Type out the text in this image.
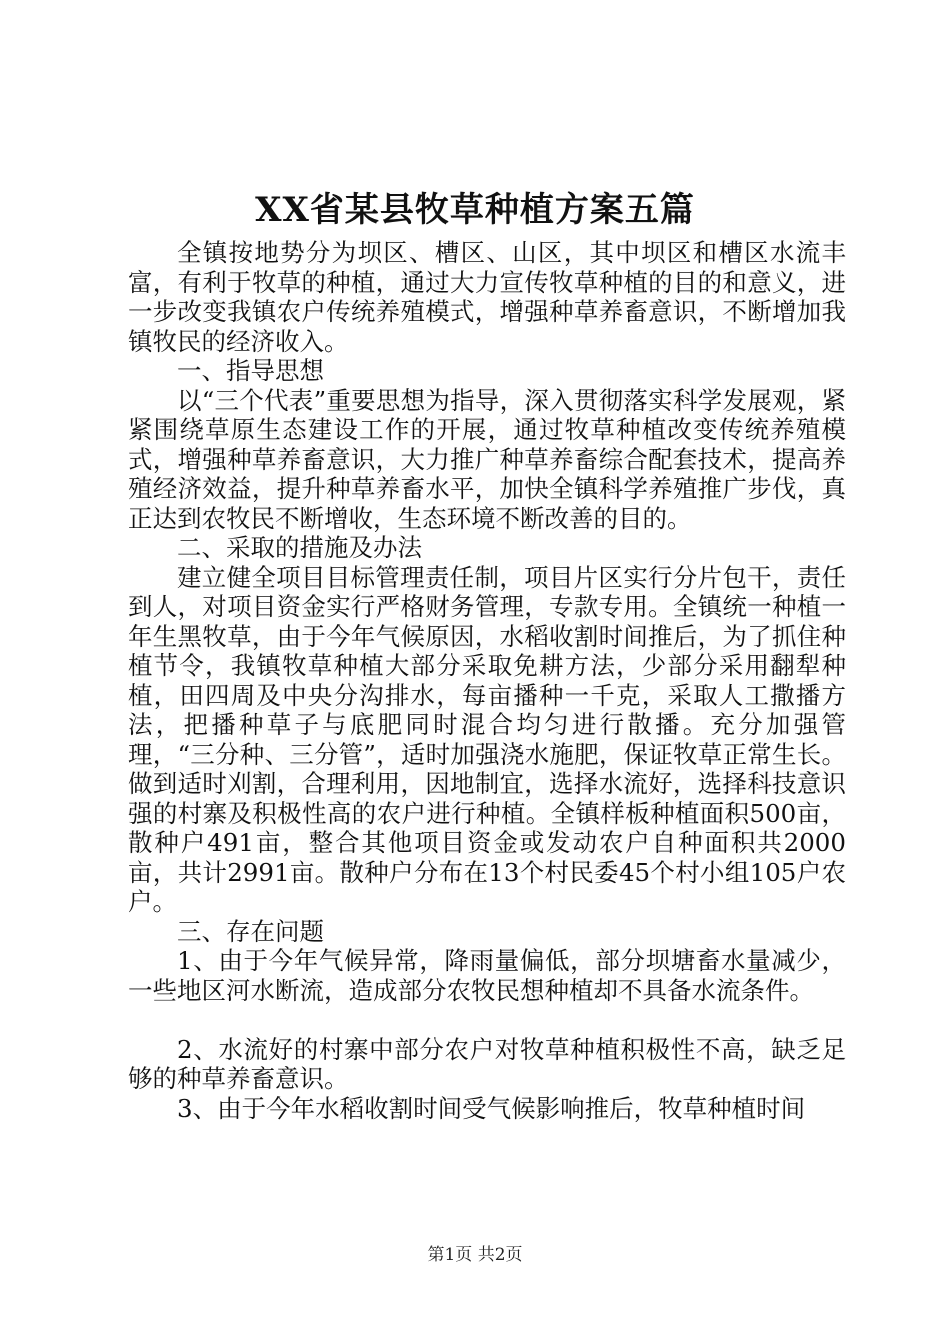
XX省某县牧草种植方案五篇

全镇按地势分为坝区、槽区、山区，其中坝区和槽区水流丰富，有利于牧草的种植，通过大力宣传牧草种植的目的和意义，进一步改变我镇农户传统养殖模式，增强种草养畜意识，不断增加我镇牧民的经济收入。

一、指导思想

以“三个代表”重要思想为指导，深入贯彻落实科学发展观，紧紧围绕草原生态建设工作的开展，通过牧草种植改变传统养殖模式，增强种草养畜意识，大力推广种草养畜综合配套技术，提高养殖经济效益，提升种草养畜水平，加快全镇科学养殖推广步伐，真正达到农牧民不断增收，生态环境不断改善的目的。

二、采取的措施及办法

建立健全项目目标管理责任制，项目片区实行分片包干，责任到人，对项目资金实行严格财务管理，专款专用。全镇统一种植一年生黑牧草，由于今年气候原因，水稻收割时间推后，为了抓住种植节令，我镇牧草种植大部分采取免耕方法，少部分采用翻犁种植，田四周及中央分沟排水，每亩播种一千克，采取人工撒播方法，把播种草子与底肥同时混合均匀进行散播。充分加强管理，“三分种、三分管”，适时加强浇水施肥，保证牧草正常生长。做到适时刈割，合理利用，因地制宜，选择水流好，选择科技意识强的村寨及积极性高的农户进行种植。全镇样板种植面积500亩，散种户491亩，整合其他项目资金或发动农户自种面积共2000亩，共计2991亩。散种户分布在13个村民委45个村小组105户农户。

三、存在问题

1、由于今年气候异常，降雨量偏低，部分坝塘畜水量减少，一些地区河水断流，造成部分农牧民想种植却不具备水流条件。

2、水流好的村寨中部分农户对牧草种植积极性不高，缺乏足够的种草养畜意识。

3、由于今年水稻收割时间受气候影响推后，牧草种植时间

第1页 共2页
